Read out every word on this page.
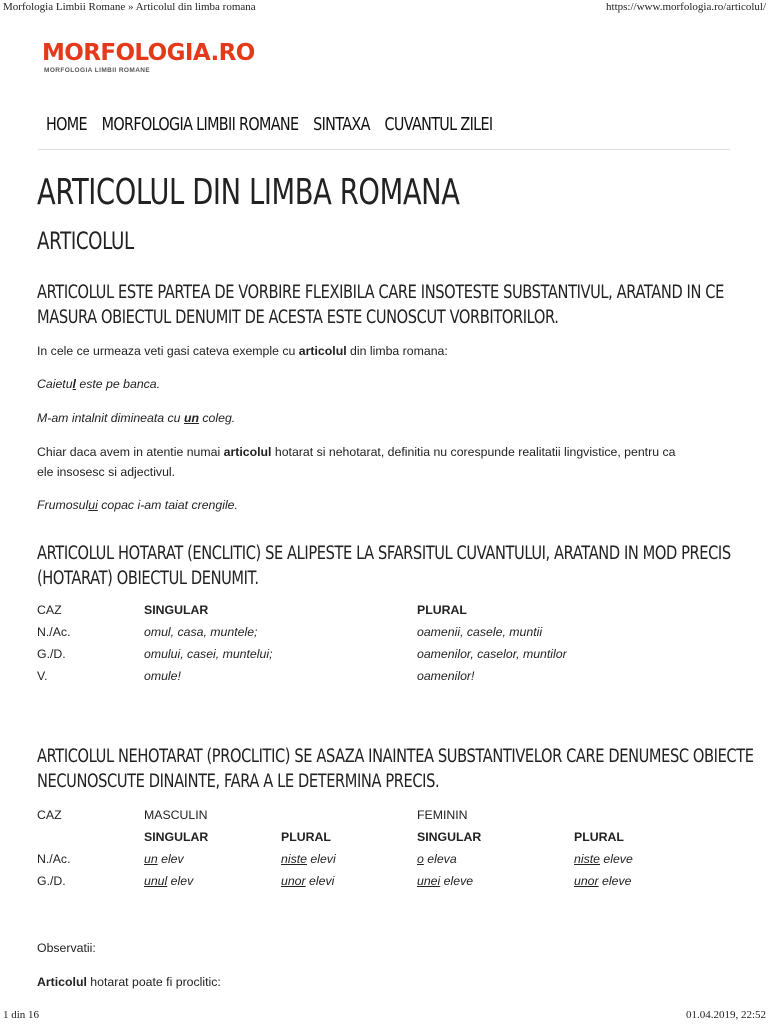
Morfologia Limbii Romane » Articolul din limba romana	https://www.morfologia.ro/articolul/
MORFOLOGIA.RO
MORFOLOGIA LIMBII ROMANE
HOME MORFOLOGIA LIMBII ROMANE SINTAXA CUVANTUL ZILEI
ARTICOLUL DIN LIMBA ROMANA
ARTICOLUL
ARTICOLUL ESTE PARTEA DE VORBIRE FLEXIBILA CARE INSOTESTE SUBSTANTIVUL, ARATAND IN CE
MASURA OBIECTUL DENUMIT DE ACESTA ESTE CUNOSCUT VORBITORILOR.

In cele ce urmeaza veti gasi cateva exemple cu articolul din limba romana:

Caietul este pe banca.

M-am intalnit dimineata cu un coleg.

Chiar daca avem in atentie numai articolul hotarat si nehotarat, definitia nu corespunde realitatii lingvistice, pentru ca
ele insosesc si adjectivul.

Frumosului copac i-am taiat crengile.

ARTICOLUL HOTARAT (ENCLITIC) SE ALIPESTE LA SFARSITUL CUVANTULUI, ARATAND IN MOD PRECIS
(HOTARAT) OBIECTUL DENUMIT.
CAZ	SINGULAR	PLURAL
N./Ac.	omul, casa, muntele;	oamenii, casele, muntii
G./D.	omului, casei, muntelui;	oamenilor, caselor, muntilor
V.	omule!	oamenilor!
ARTICOLUL NEHOTARAT (PROCLITIC) SE ASAZA INAINTEA SUBSTANTIVELOR CARE DENUMESC OBIECTE
NECUNOSCUTE DINAINTE, FARA A LE DETERMINA PRECIS.
CAZ	MASCULIN		FEMININ	
	SINGULAR	PLURAL	SINGULAR	PLURAL
N./Ac.	un elev	niste elevi	o eleva	niste eleve
G./D.	unul elev	unor elevi	unei eleve	unor eleve

Observatii:

Articolul hotarat poate fi proclitic:

1 din 16	01.04.2019, 22:52
